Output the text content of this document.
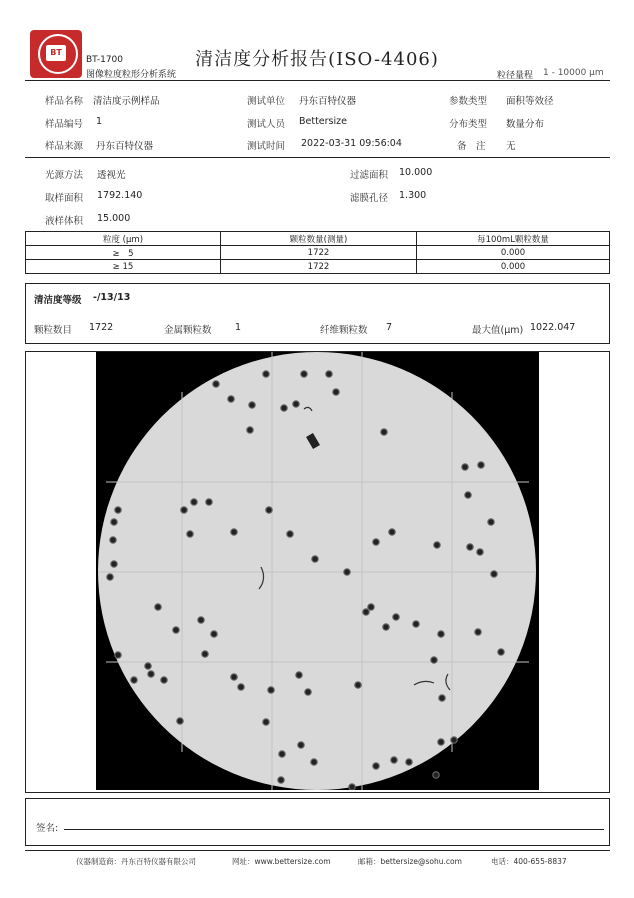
BT
BT-1700
图像粒度粒形分析系统
清洁度分析报告(ISO-4406)
粒径量程 1 - 10000 μm
样品名称 清洁度示例样品
样品编号 1
样品来源 丹东百特仪器
测试单位 丹东百特仪器
测试人员 Bettersize
测试时间 2022-03-31 09:56:04
参数类型 面积等效径
分布类型 数量分布
备　注 无
光源方法 透视光
取样面积 1792.140
液样体积 15.000
过滤面积 10.000
滤膜孔径 1.300
粒度 (μm)	颗粒数量(测量)	每100mL颗粒数量
≥　5	1722	0.000
≥ 15	1722	0.000
清洁度等级 -/13/13
颗粒数目 1722	金属颗粒数 1	纤维颗粒数 7	最大值(μm) 1022.047
签名:
仪器制造商：丹东百特仪器有限公司	网址：www.bettersize.com	邮箱：bettersize@sohu.com	电话：400-655-8837
